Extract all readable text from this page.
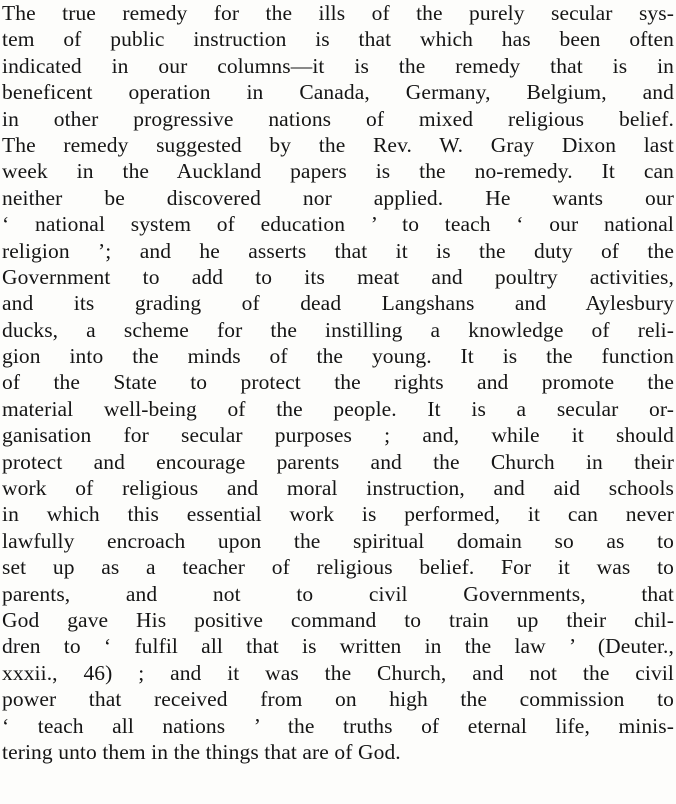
The true remedy for the ills of the purely secular sys-
tem of public instruction is that which has been often
indicated in our columns—it is the remedy that is in
beneficent operation in Canada, Germany, Belgium, and
in other progressive nations of mixed religious belief.
The remedy suggested by the Rev. W. Gray Dixon last
week in the Auckland papers is the no-remedy. It can
neither be discovered nor applied. He wants our
‘ national system of education ’ to teach ‘ our national
religion ’; and he asserts that it is the duty of the
Government to add to its meat and poultry activities,
and its grading of dead Langshans and Aylesbury
ducks, a scheme for the instilling a knowledge of reli-
gion into the minds of the young. It is the function
of the State to protect the rights and promote the
material well-being of the people. It is a secular or-
ganisation for secular purposes ; and, while it should
protect and encourage parents and the Church in their
work of religious and moral instruction, and aid schools
in which this essential work is performed, it can never
lawfully encroach upon the spiritual domain so as to
set up as a teacher of religious belief. For it was to
parents, and not to civil Governments, that
God gave His positive command to train up their chil-
dren to ‘ fulfil all that is written in the law ’ (Deuter.,
xxxii., 46) ; and it was the Church, and not the civil
power that received from on high the commission to
‘ teach all nations ’ the truths of eternal life, minis-
tering unto them in the things that are of God.
